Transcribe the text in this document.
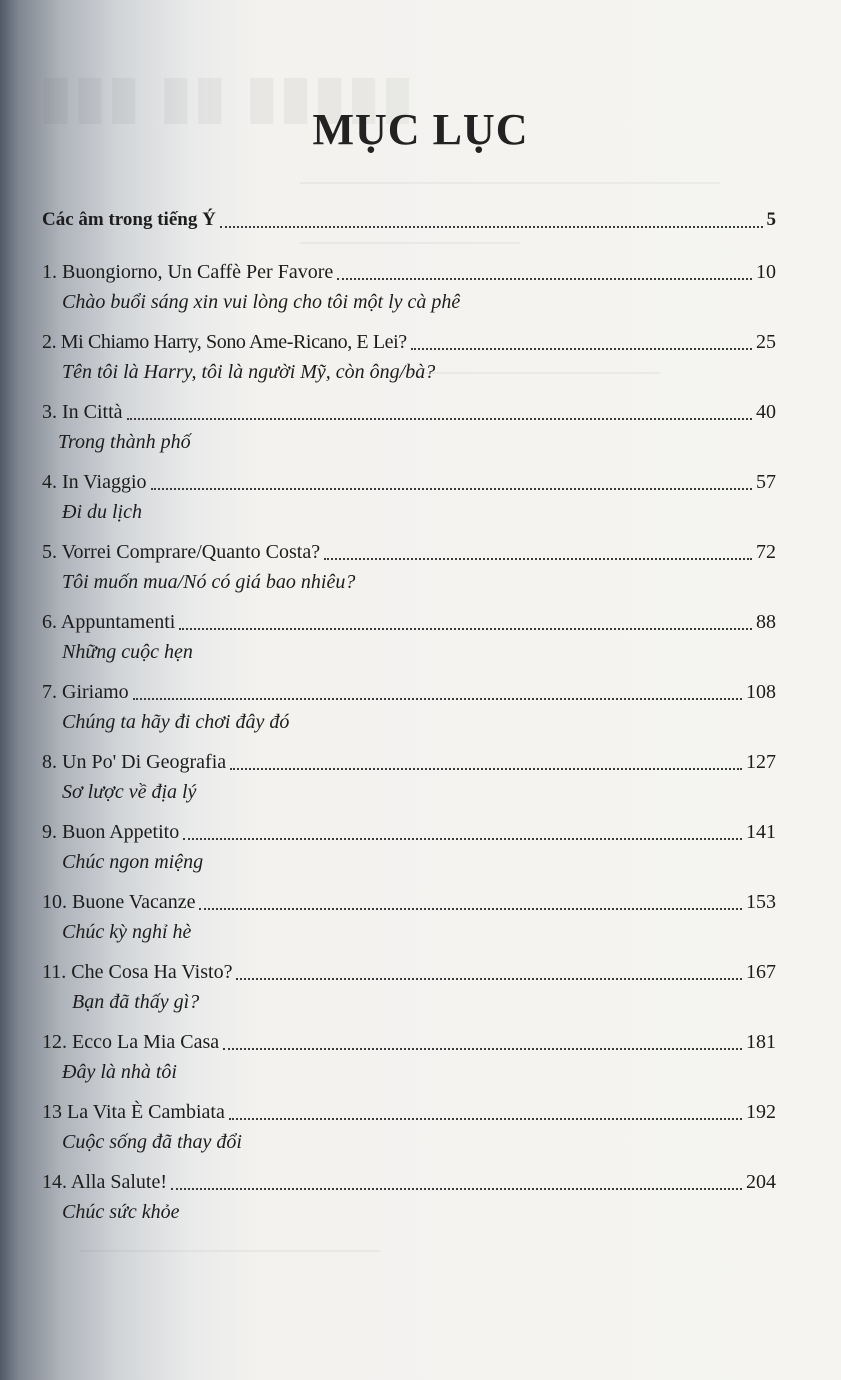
MỤC LỤC
Các âm trong tiếng Ý	5
1. Buongiorno, Un Caffè Per Favore	10
Chào buổi sáng xin vui lòng cho tôi một ly cà phê
2. Mi Chiamo Harry, Sono Ame-Ricano, E Lei?	25
Tên tôi là Harry, tôi là người Mỹ, còn ông/bà?
3. In Città	40
Trong thành phố
4. In Viaggio	57
Đi du lịch
5. Vorrei Comprare/Quanto Costa?	72
Tôi muốn mua/Nó có giá bao nhiêu?
6. Appuntamenti	88
Những cuộc hẹn
7. Giriamo	108
Chúng ta hãy đi chơi đây đó
8. Un Po' Di Geografia	127
Sơ lược về địa lý
9. Buon Appetito	141
Chúc ngon miệng
10. Buone Vacanze	153
Chúc kỳ nghỉ hè
11. Che Cosa Ha Visto?	167
Bạn đã thấy gì?
12. Ecco La Mia Casa	181
Đây là nhà tôi
13 La Vita È Cambiata	192
Cuộc sống đã thay đổi
14. Alla Salute!	204
Chúc sức khỏe
